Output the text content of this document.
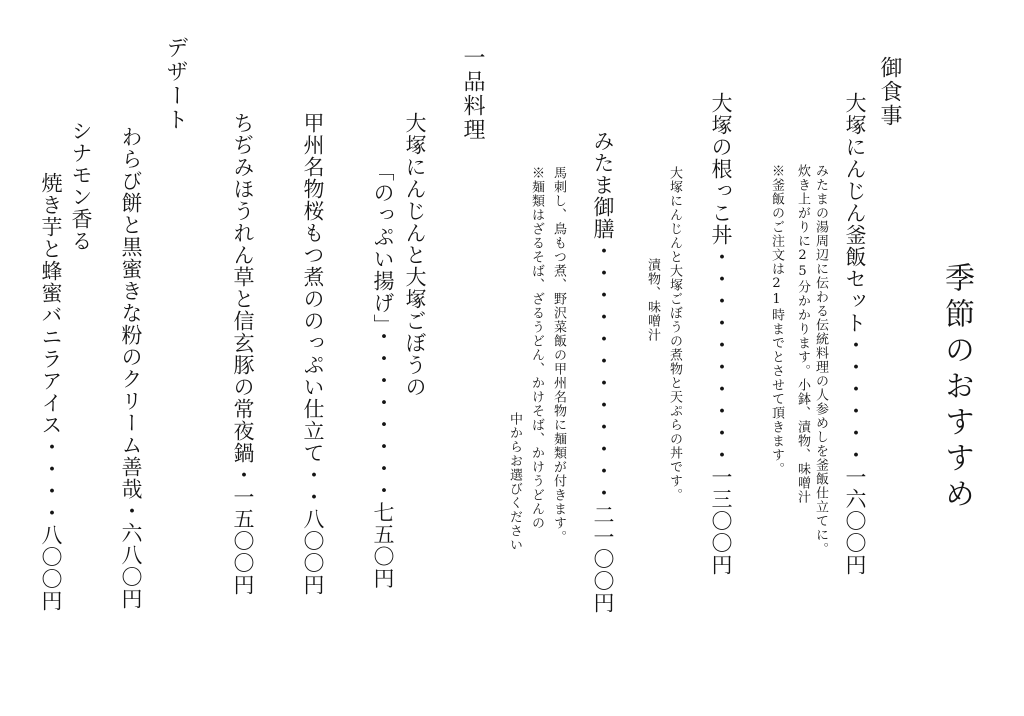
季節のおすすめ
御食事
大塚にんじん釜飯セット・・・・・・一六〇〇円
みたまの湯周辺に伝わる伝統料理の人参めしを釜飯仕立てに。
炊き上がりに25分かかります。小鉢、漬物、味噌汁
※釜飯のご注文は21時までとさせて頂きます。
大塚の根っこ丼・・・・・・・・・・一三〇〇円
大塚にんじんと大塚ごぼうの煮物と天ぷらの丼です。
漬物、味噌汁
みたま御膳・・・・・・・・・・・・二一〇〇円
馬刺し、鳥もつ煮、野沢菜飯の甲州名物に麺類が付きます。
※麺類はざるそば、ざるうどん、かけそば、かけうどんの
中からお選びください
一品料理
大塚にんじんと大塚ごぼうの
「のっぷい揚げ」・・・・・・・・七五〇円
甲州名物桜もつ煮ののっぷい仕立て・・八〇〇円
ちぢみほうれん草と信玄豚の常夜鍋・一五〇〇円
デザート
わらび餅と黒蜜きな粉のクリーム善哉・六八〇円
シナモン香る
焼き芋と蜂蜜バニラアイス・・・・八〇〇円
